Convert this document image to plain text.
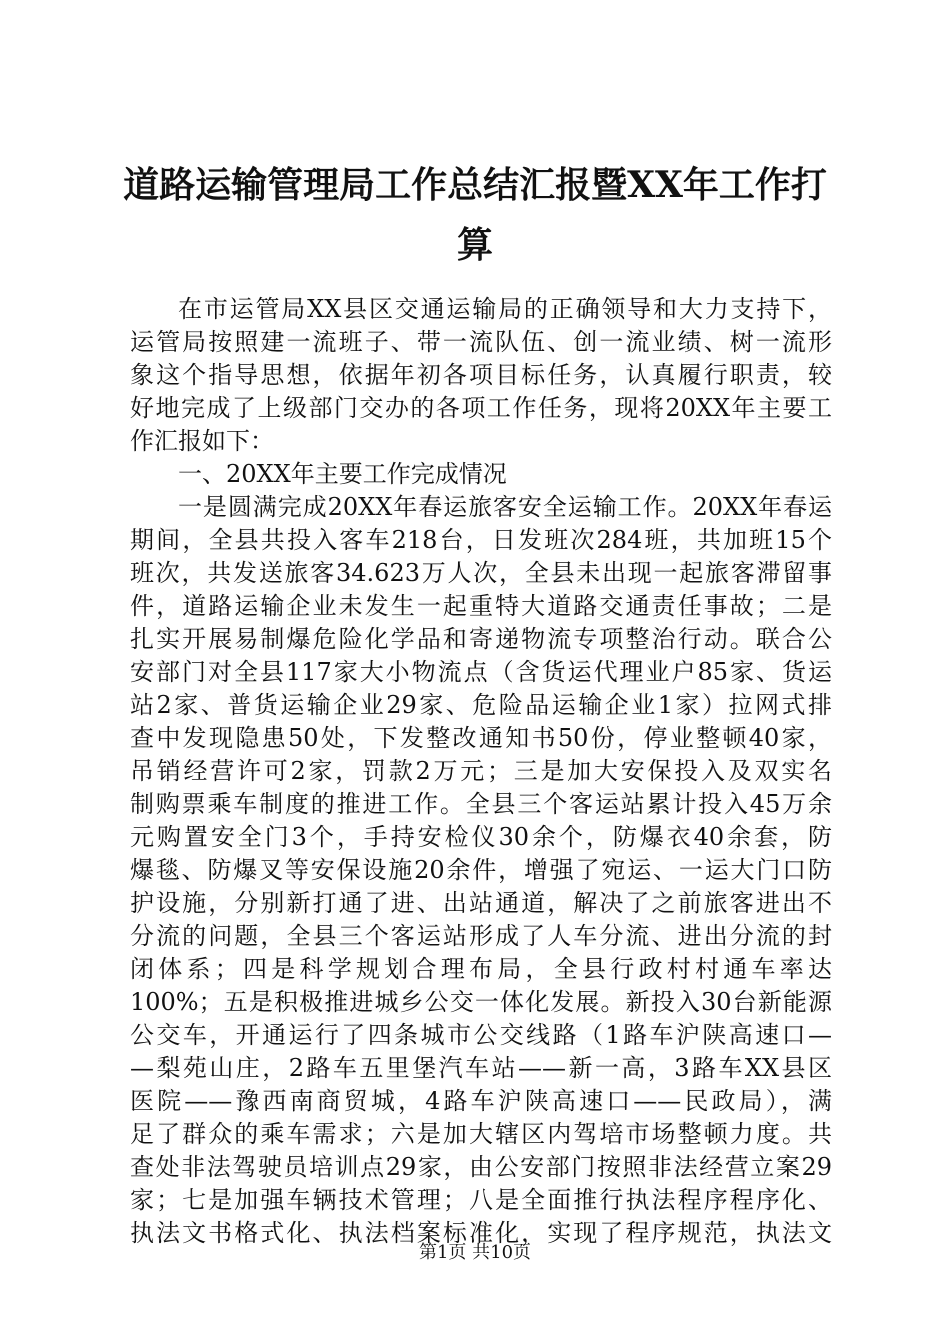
道路运输管理局工作总结汇报暨XX年工作打
算

在市运管局XX县区交通运输局的正确领导和大力支持下，

运管局按照建一流班子、带一流队伍、创一流业绩、树一流形

象这个指导思想，依据年初各项目标任务，认真履行职责，较

好地完成了上级部门交办的各项工作任务，现将20XX年主要工

作汇报如下：

一、20XX年主要工作完成情况

一是圆满完成20XX年春运旅客安全运输工作。20XX年春运

期间，全县共投入客车218台，日发班次284班，共加班15个

班次，共发送旅客34.623万人次，全县未出现一起旅客滞留事

件，道路运输企业未发生一起重特大道路交通责任事故；二是

扎实开展易制爆危险化学品和寄递物流专项整治行动。联合公

安部门对全县117家大小物流点（含货运代理业户85家、货运

站2家、普货运输企业29家、危险品运输企业1家）拉网式排

查中发现隐患50处，下发整改通知书50份，停业整顿40家，

吊销经营许可2家，罚款2万元；三是加大安保投入及双实名

制购票乘车制度的推进工作。全县三个客运站累计投入45万余

元购置安全门3个，手持安检仪30余个，防爆衣40余套，防

爆毯、防爆叉等安保设施20余件，增强了宛运、一运大门口防

护设施，分别新打通了进、出站通道，解决了之前旅客进出不

分流的问题，全县三个客运站形成了人车分流、进出分流的封

闭体系；四是科学规划合理布局，全县行政村村通车率达

100%；五是积极推进城乡公交一体化发展。新投入30台新能源

公交车，开通运行了四条城市公交线路（1路车沪陕高速口—

—梨苑山庄，2路车五里堡汽车站——新一高，3路车XX县区

医院——豫西南商贸城，4路车沪陕高速口——民政局），满

足了群众的乘车需求；六是加大辖区内驾培市场整顿力度。共

查处非法驾驶员培训点29家，由公安部门按照非法经营立案29

家；七是加强车辆技术管理；八是全面推行执法程序程序化、

执法文书格式化、执法档案标准化，实现了程序规范，执法文

第1页 共10页
